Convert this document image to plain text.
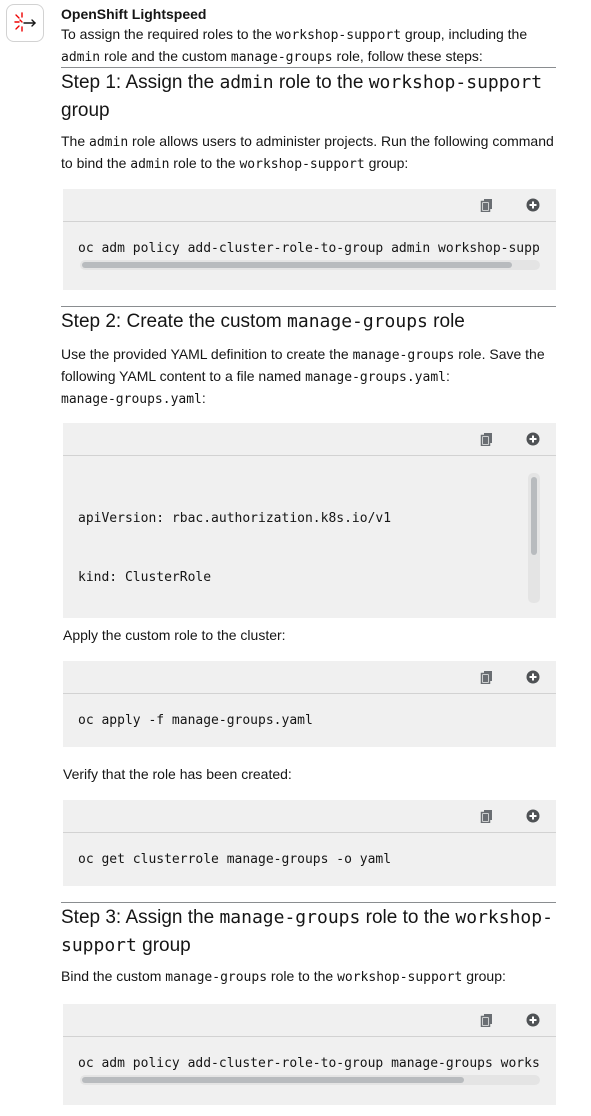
OpenShift Lightspeed
To assign the required roles to the workshop-support group, including the admin role and the custom manage-groups role, follow these steps:
Step 1: Assign the admin role to the workshop-support
group
The admin role allows users to administer projects. Run the following command to bind the admin role to the workshop-support group:
oc adm policy add-cluster-role-to-group admin workshop-supp
Step 2: Create the custom manage-groups role
Use the provided YAML definition to create the manage-groups role. Save the following YAML content to a file named manage-groups.yaml:
manage-groups.yaml:

apiVersion: rbac.authorization.k8s.io/v1

kind: ClusterRole

Apply the custom role to the cluster:
oc apply -f manage-groups.yaml
Verify that the role has been created:
oc get clusterrole manage-groups -o yaml
Step 3: Assign the manage-groups role to the workshop-
support group
Bind the custom manage-groups role to the workshop-support group:
oc adm policy add-cluster-role-to-group manage-groups works
